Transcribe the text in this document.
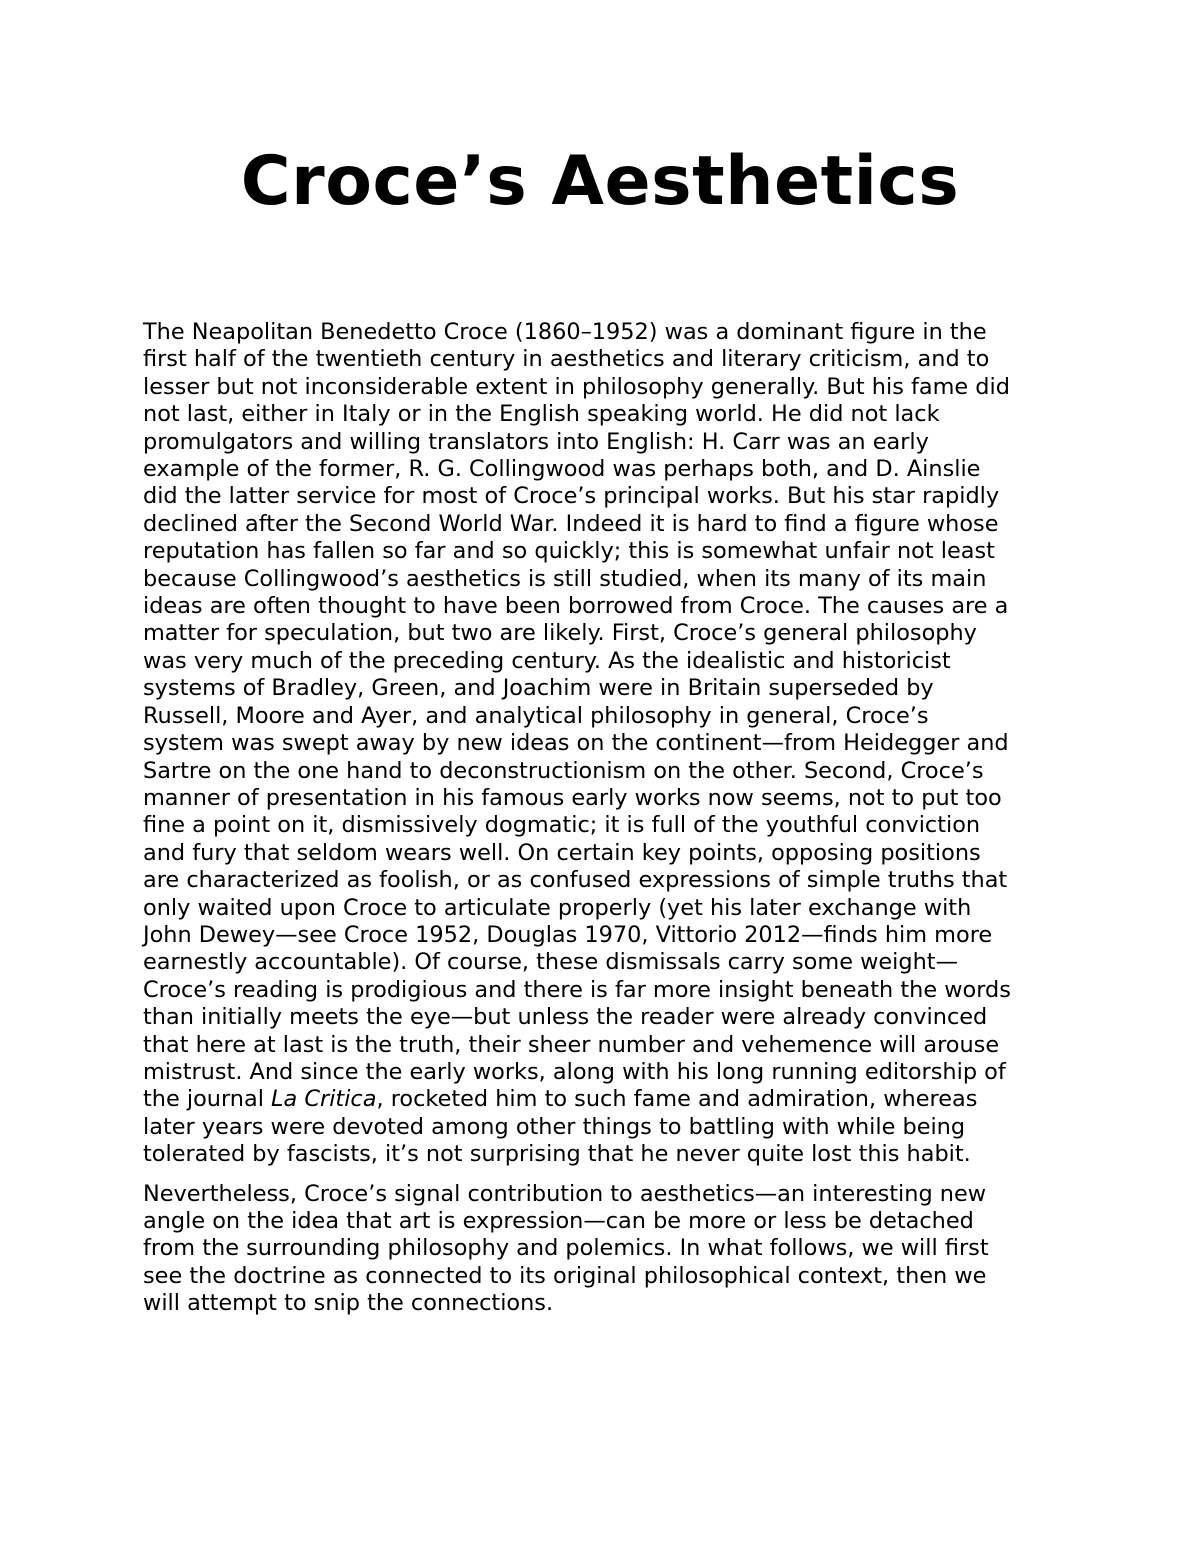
Croce’s Aesthetics

The Neapolitan Benedetto Croce (1860–1952) was a dominant figure in the
first half of the twentieth century in aesthetics and literary criticism, and to
lesser but not inconsiderable extent in philosophy generally. But his fame did
not last, either in Italy or in the English speaking world. He did not lack
promulgators and willing translators into English: H. Carr was an early
example of the former, R. G. Collingwood was perhaps both, and D. Ainslie
did the latter service for most of Croce’s principal works. But his star rapidly
declined after the Second World War. Indeed it is hard to find a figure whose
reputation has fallen so far and so quickly; this is somewhat unfair not least
because Collingwood’s aesthetics is still studied, when its many of its main
ideas are often thought to have been borrowed from Croce. The causes are a
matter for speculation, but two are likely. First, Croce’s general philosophy
was very much of the preceding century. As the idealistic and historicist
systems of Bradley, Green, and Joachim were in Britain superseded by
Russell, Moore and Ayer, and analytical philosophy in general, Croce’s
system was swept away by new ideas on the continent—from Heidegger and
Sartre on the one hand to deconstructionism on the other. Second, Croce’s
manner of presentation in his famous early works now seems, not to put too
fine a point on it, dismissively dogmatic; it is full of the youthful conviction
and fury that seldom wears well. On certain key points, opposing positions
are characterized as foolish, or as confused expressions of simple truths that
only waited upon Croce to articulate properly (yet his later exchange with
John Dewey—see Croce 1952, Douglas 1970, Vittorio 2012—finds him more
earnestly accountable). Of course, these dismissals carry some weight—
Croce’s reading is prodigious and there is far more insight beneath the words
than initially meets the eye—but unless the reader were already convinced
that here at last is the truth, their sheer number and vehemence will arouse
mistrust. And since the early works, along with his long running editorship of
the journal La Critica, rocketed him to such fame and admiration, whereas
later years were devoted among other things to battling with while being
tolerated by fascists, it’s not surprising that he never quite lost this habit.

Nevertheless, Croce’s signal contribution to aesthetics—an interesting new
angle on the idea that art is expression—can be more or less be detached
from the surrounding philosophy and polemics. In what follows, we will first
see the doctrine as connected to its original philosophical context, then we
will attempt to snip the connections.
